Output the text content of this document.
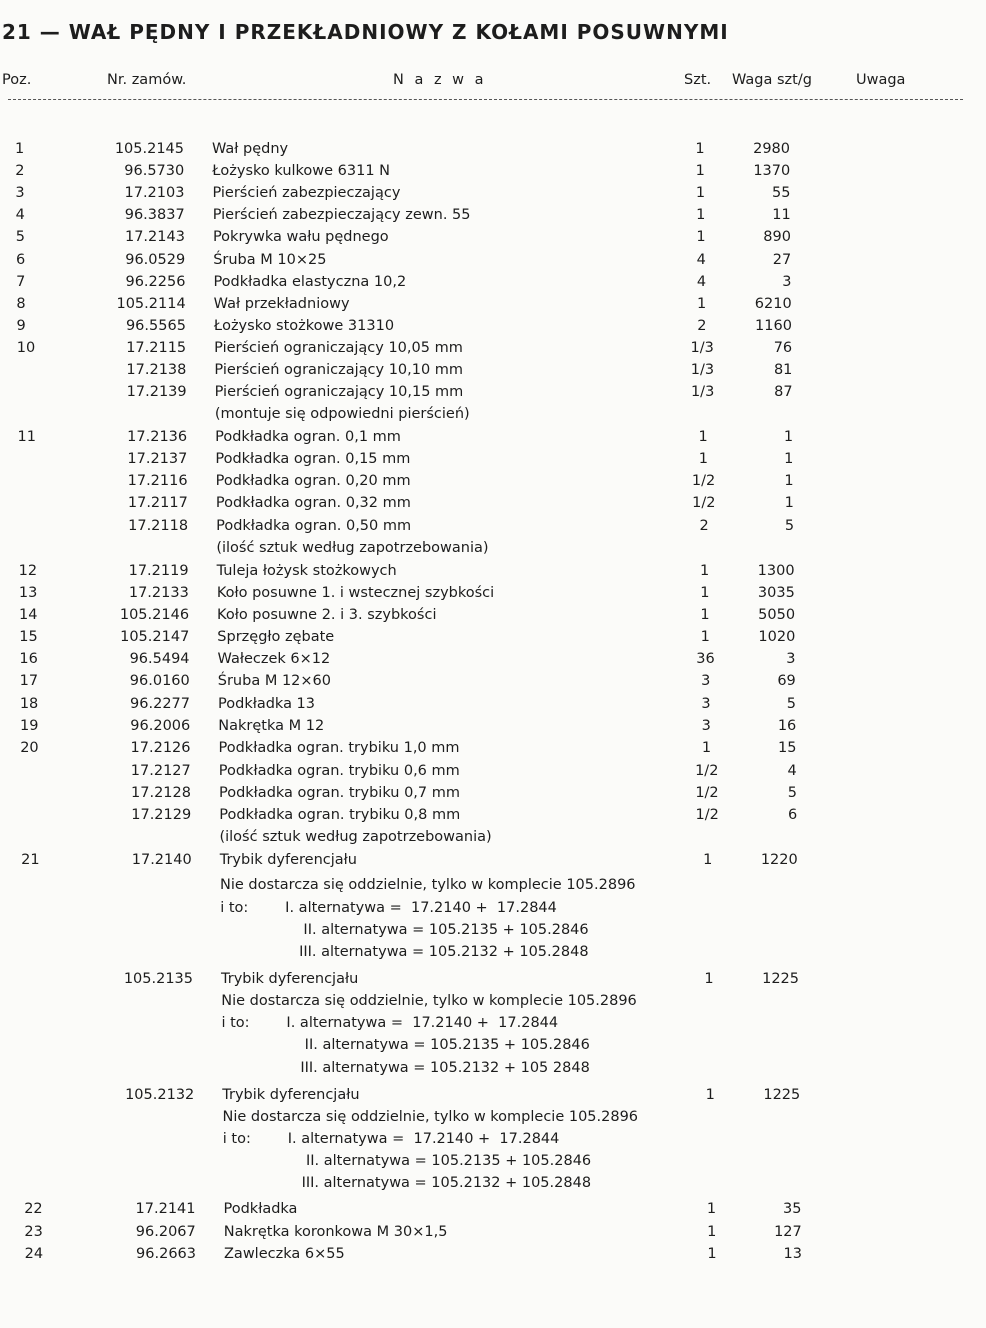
21 — WAŁ PĘDNY I PRZEKŁADNIOWY Z KOŁAMI POSUWNYMI
Poz.	Nr. zamów.	N a z w a	Szt. Waga szt/g	Uwaga
1	105.2145 Wał pędny	1	2980
2	96.5730 Łożysko kulkowe 6311 N	1	1370
3	17.2103 Pierścień zabezpieczający	1	55
4	96.3837 Pierścień zabezpieczający zewn. 55	1	11
5	17.2143 Pokrywka wału pędnego	1	890
6	96.0529 Śruba M 10×25	4	27
7	96.2256 Podkładka elastyczna 10,2	4	3
8	105.2114 Wał przekładniowy	1	6210
9	96.5565 Łożysko stożkowe 31310	2	1160
10	17.2115 Pierścień ograniczający 10,05 mm	1/3	76
17.2138 Pierścień ograniczający 10,10 mm	1/3	81
17.2139 Pierścień ograniczający 10,15 mm	1/3	87
(montuje się odpowiedni pierścień)
11	17.2136 Podkładka ogran. 0,1 mm	1	1
17.2137 Podkładka ogran. 0,15 mm	1	1
17.2116 Podkładka ogran. 0,20 mm	1/2	1
17.2117 Podkładka ogran. 0,32 mm	1/2	1
17.2118 Podkładka ogran. 0,50 mm	2	5
(ilość sztuk według zapotrzebowania)
12	17.2119 Tuleja łożysk stożkowych	1	1300
13	17.2133 Koło posuwne 1. i wstecznej szybkości	1	3035
14	105.2146 Koło posuwne 2. i 3. szybkości	1	5050
15	105.2147 Sprzęgło zębate	1	1020
16	96.5494 Wałeczek 6×12	36	3
17	96.0160 Śruba M 12×60	3	69
18	96.2277 Podkładka 13	3	5
19	96.2006 Nakrętka M 12	3	16
20	17.2126 Podkładka ogran. trybiku 1,0 mm	1	15
17.2127 Podkładka ogran. trybiku 0,6 mm	1/2	4
17.2128 Podkładka ogran. trybiku 0,7 mm	1/2	5
17.2129 Podkładka ogran. trybiku 0,8 mm	1/2	6
(ilość sztuk według zapotrzebowania)
21	17.2140 Trybik dyferencjału	1	1220
Nie dostarcza się oddzielnie, tylko w komplecie 105.2896
i to:        I. alternatywa =  17.2140 +  17.2844
II. alternatywa = 105.2135 + 105.2846
III. alternatywa = 105.2132 + 105.2848
105.2135 Trybik dyferencjału	1	1225
Nie dostarcza się oddzielnie, tylko w komplecie 105.2896
i to:        I. alternatywa =  17.2140 +  17.2844
II. alternatywa = 105.2135 + 105.2846
III. alternatywa = 105.2132 + 105 2848
105.2132 Trybik dyferencjału	1	1225
Nie dostarcza się oddzielnie, tylko w komplecie 105.2896
i to:        I. alternatywa =  17.2140 +  17.2844
II. alternatywa = 105.2135 + 105.2846
III. alternatywa = 105.2132 + 105.2848
22	17.2141 Podkładka	1	35
23	96.2067 Nakrętka koronkowa M 30×1,5	1	127
24	96.2663 Zawleczka 6×55	1	13
